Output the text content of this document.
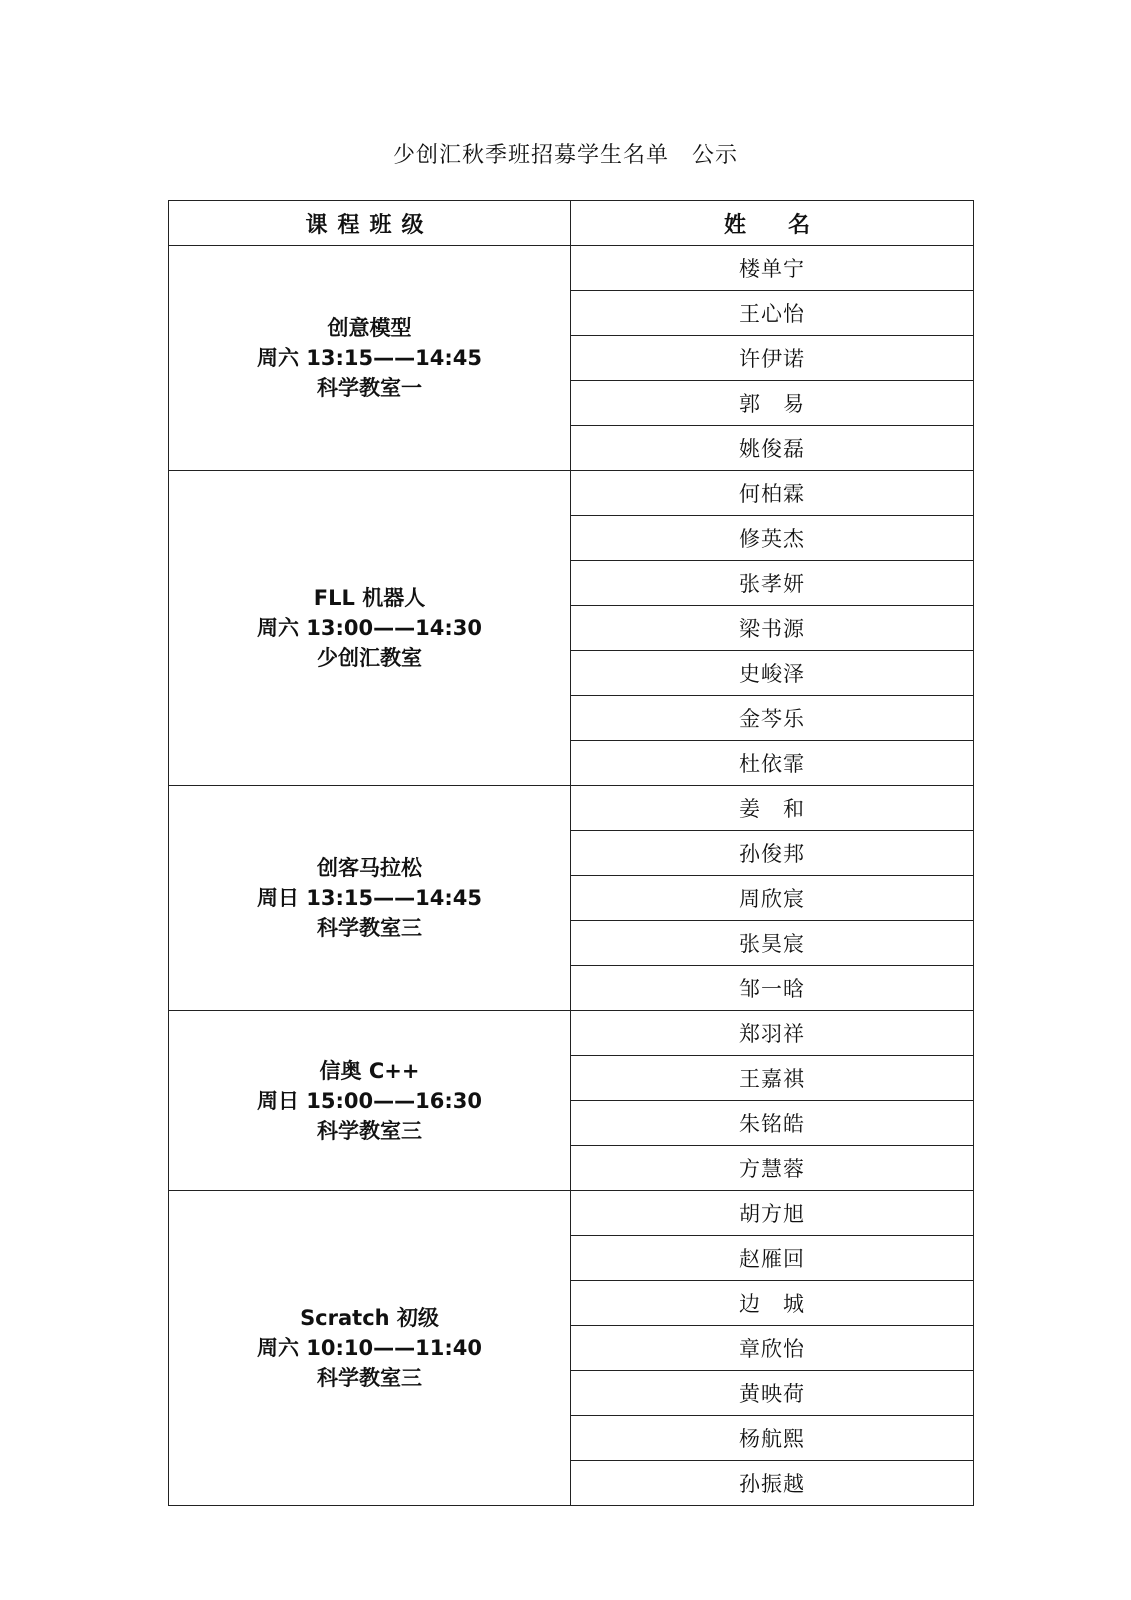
少创汇秋季班招募学生名单　公示
课程班级	姓　名

创意模型
周六 13:15——14:45
科学教室一	楼单宁
	王心怡
	许伊诺
	郭　易
	姚俊磊

FLL 机器人
周六 13:00——14:30
少创汇教室	何柏霖
	修英杰
	张孝妍
	梁书源
	史峻泽
	金芩乐
	杜依霏

创客马拉松
周日 13:15——14:45
科学教室三	姜　和
	孙俊邦
	周欣宸
	张昊宸
	邹一晗

信奥 C++
周日 15:00——16:30
科学教室三	郑羽祥
	王嘉祺
	朱铭皓
	方慧蓉

Scratch 初级
周六 10:10——11:40
科学教室三	胡方旭
	赵雁回
	边　城
	章欣怡
	黄映荷
	杨航熙
	孙振越
